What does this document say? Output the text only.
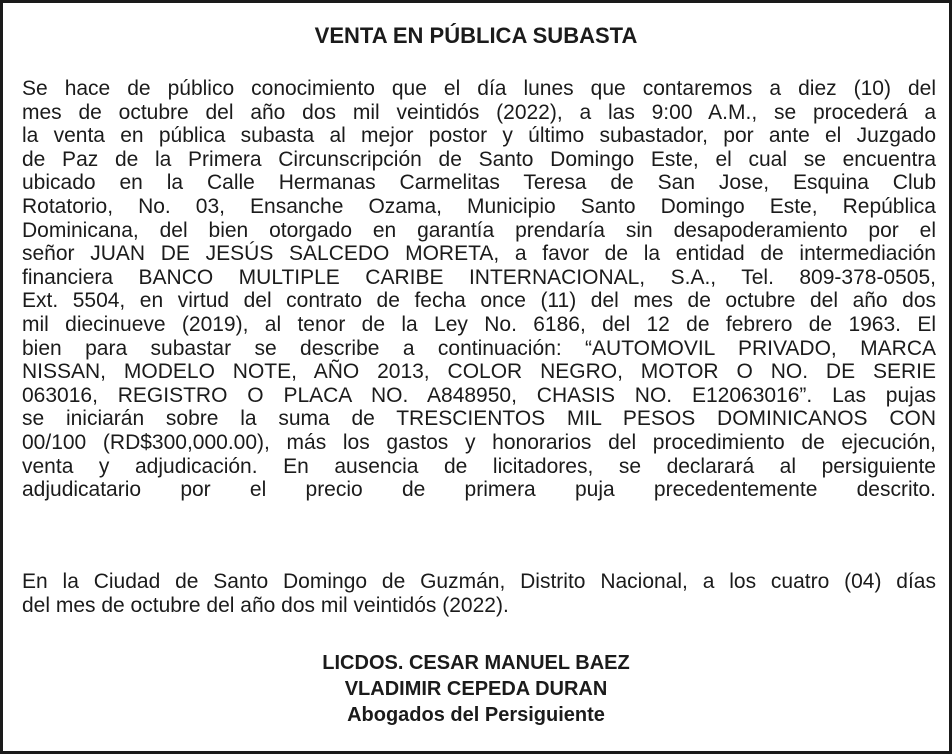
VENTA EN PÚBLICA SUBASTA
Se hace de público conocimiento que el día lunes que contaremos a diez (10) del
mes de octubre del año dos mil veintidós (2022), a las 9:00 A.M., se procederá a
la venta en pública subasta al mejor postor y último subastador, por ante el Juzgado
de Paz de la Primera Circunscripción de Santo Domingo Este, el cual se encuentra
ubicado en la Calle Hermanas Carmelitas Teresa de San Jose, Esquina Club
Rotatorio, No. 03, Ensanche Ozama, Municipio Santo Domingo Este, República
Dominicana, del bien otorgado en garantía prendaría sin desapoderamiento por el
señor JUAN DE JESÚS SALCEDO MORETA, a favor de la entidad de intermediación
financiera BANCO MULTIPLE CARIBE INTERNACIONAL, S.A., Tel. 809-378-0505,
Ext. 5504, en virtud del contrato de fecha once (11) del mes de octubre del año dos
mil diecinueve (2019), al tenor de la Ley No. 6186, del 12 de febrero de 1963. El
bien para subastar se describe a continuación: “AUTOMOVIL PRIVADO, MARCA
NISSAN, MODELO NOTE, AÑO 2013, COLOR NEGRO, MOTOR O NO. DE SERIE
063016, REGISTRO O PLACA NO. A848950, CHASIS NO. E12063016”. Las pujas
se iniciarán sobre la suma de TRESCIENTOS MIL PESOS DOMINICANOS CON
00/100 (RD$300,000.00), más los gastos y honorarios del procedimiento de ejecución,
venta y adjudicación. En ausencia de licitadores, se declarará al persiguiente
adjudicatario por el precio de primera puja precedentemente descrito.
En la Ciudad de Santo Domingo de Guzmán, Distrito Nacional, a los cuatro (04) días
del mes de octubre del año dos mil veintidós (2022).
LICDOS. CESAR MANUEL BAEZ
VLADIMIR CEPEDA DURAN
Abogados del Persiguiente
